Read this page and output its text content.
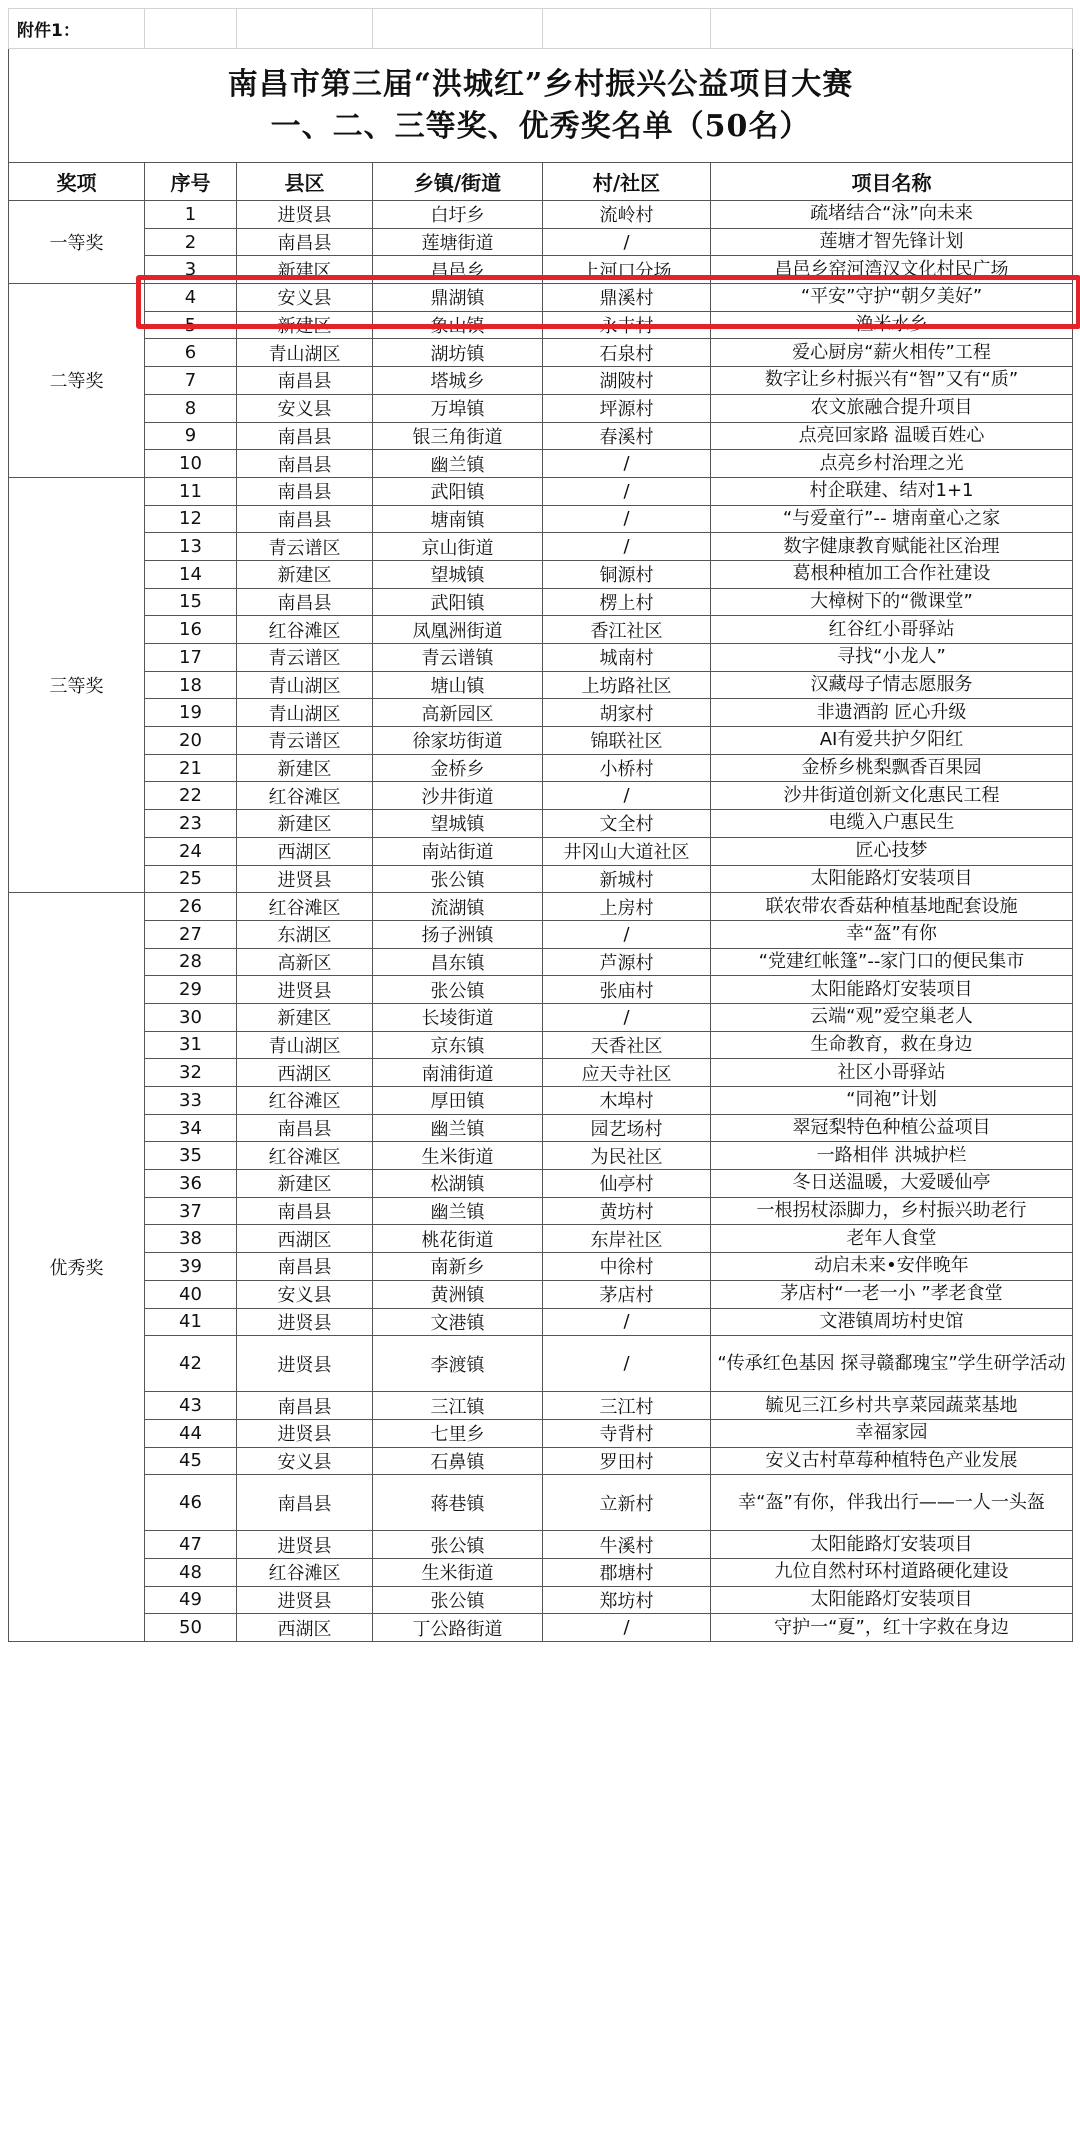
附件1：					

南昌市第三届“洪城红”乡村振兴公益项目大赛
一、二、三等奖、优秀奖名单（50名）					

奖项	序号	县区	乡镇/街道	村/社区	项目名称
一等奖	1	进贤县	白圩乡	流岭村	疏堵结合“泳”向未来
	2	南昌县	莲塘街道	/	莲塘才智先锋计划
	3	新建区	昌邑乡	上河口分场	昌邑乡窑河湾汉文化村民广场
二等奖	4	安义县	鼎湖镇	鼎溪村	“平安”守护“朝夕美好”
	5	新建区	象山镇	永丰村	渔米水乡
	6	青山湖区	湖坊镇	石泉村	爱心厨房“薪火相传”工程
	7	南昌县	塔城乡	湖陂村	数字让乡村振兴有“智”又有“质”
	8	安义县	万埠镇	坪源村	农文旅融合提升项目
	9	南昌县	银三角街道	春溪村	点亮回家路 温暖百姓心
	10	南昌县	幽兰镇	/	点亮乡村治理之光
三等奖	11	南昌县	武阳镇	/	村企联建、结对1+1
	12	南昌县	塘南镇	/	“与爱童行”-- 塘南童心之家
	13	青云谱区	京山街道	/	数字健康教育赋能社区治理
	14	新建区	望城镇	铜源村	葛根种植加工合作社建设
	15	南昌县	武阳镇	楞上村	大樟树下的“微课堂”
	16	红谷滩区	凤凰洲街道	香江社区	红谷红小哥驿站
	17	青云谱区	青云谱镇	城南村	寻找“小龙人”
	18	青山湖区	塘山镇	上坊路社区	汉藏母子情志愿服务
	19	青山湖区	高新园区	胡家村	非遗酒韵 匠心升级
	20	青云谱区	徐家坊街道	锦联社区	AI有爱共护夕阳红
	21	新建区	金桥乡	小桥村	金桥乡桃梨飘香百果园
	22	红谷滩区	沙井街道	/	沙井街道创新文化惠民工程
	23	新建区	望城镇	文全村	电缆入户惠民生
	24	西湖区	南站街道	井冈山大道社区	匠心技梦
	25	进贤县	张公镇	新城村	太阳能路灯安装项目
优秀奖	26	红谷滩区	流湖镇	上房村	联农带农香菇种植基地配套设施
	27	东湖区	扬子洲镇	/	幸“盔”有你
	28	高新区	昌东镇	芦源村	“党建红帐篷”--家门口的便民集市
	29	进贤县	张公镇	张庙村	太阳能路灯安装项目
	30	新建区	长堎街道	/	云端“观”爱空巢老人
	31	青山湖区	京东镇	天香社区	生命教育，救在身边
	32	西湖区	南浦街道	应天寺社区	社区小哥驿站
	33	红谷滩区	厚田镇	木埠村	“同袍”计划
	34	南昌县	幽兰镇	园艺场村	翠冠梨特色种植公益项目
	35	红谷滩区	生米街道	为民社区	一路相伴 洪城护栏
	36	新建区	松湖镇	仙亭村	冬日送温暖，大爱暖仙亭
	37	南昌县	幽兰镇	黄坊村	一根拐杖添脚力，乡村振兴助老行
	38	西湖区	桃花街道	东岸社区	老年人食堂
	39	南昌县	南新乡	中徐村	动启未来•安伴晚年
	40	安义县	黄洲镇	茅店村	茅店村“一老一小 ”孝老食堂
	41	进贤县	文港镇	/	文港镇周坊村史馆
	42	进贤县	李渡镇	/	“传承红色基因 探寻赣鄱瑰宝”学生研学活动
	43	南昌县	三江镇	三江村	毓见三江乡村共享菜园蔬菜基地
	44	进贤县	七里乡	寺背村	幸福家园
	45	安义县	石鼻镇	罗田村	安义古村草莓种植特色产业发展
	46	南昌县	蒋巷镇	立新村	幸“盔”有你，伴我出行——一人一头盔
	47	进贤县	张公镇	牛溪村	太阳能路灯安装项目
	48	红谷滩区	生米街道	郡塘村	九位自然村环村道路硬化建设
	49	进贤县	张公镇	郑坊村	太阳能路灯安装项目
	50	西湖区	丁公路街道	/	守护一“夏”，红十字救在身边
